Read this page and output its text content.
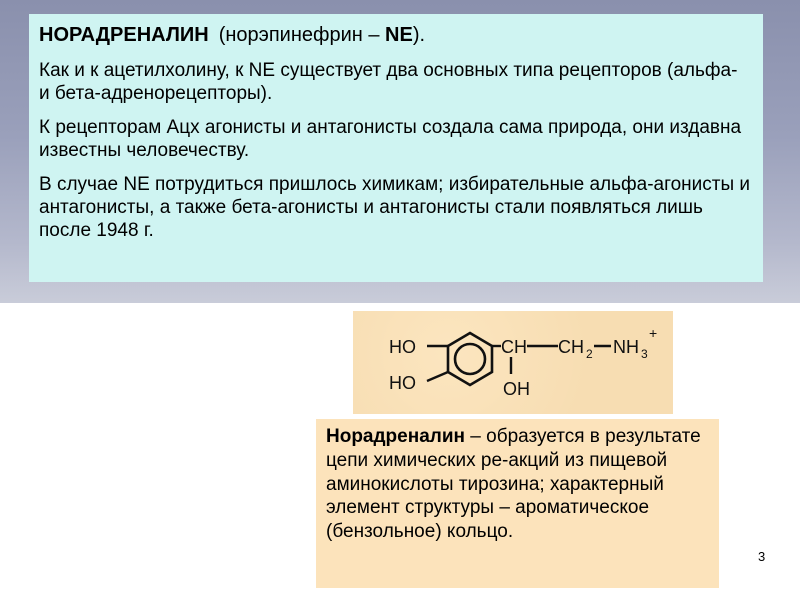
НОРАДРЕНАЛИН (норэпинефрин – NE).

Как и к ацетилхолину, к NE существует два основных типа рецепторов (альфа- и бета-адренорецепторы).

К рецепторам Ацх агонисты и антагонисты создала сама природа, они издавна известны человечеству.

В случае NE потрудиться пришлось химикам; избирательные альфа-агонисты и антагонисты, а также бета-агонисты и антагонисты стали появляться лишь после 1948 г.

HO
HO
CH CH 2 NH 3
+
OH
Норадреналин – образуется в результате цепи химических ре-акций из пищевой аминокислоты тирозина; характерный элемент структуры – ароматическое (бензольное) кольцо.
3
